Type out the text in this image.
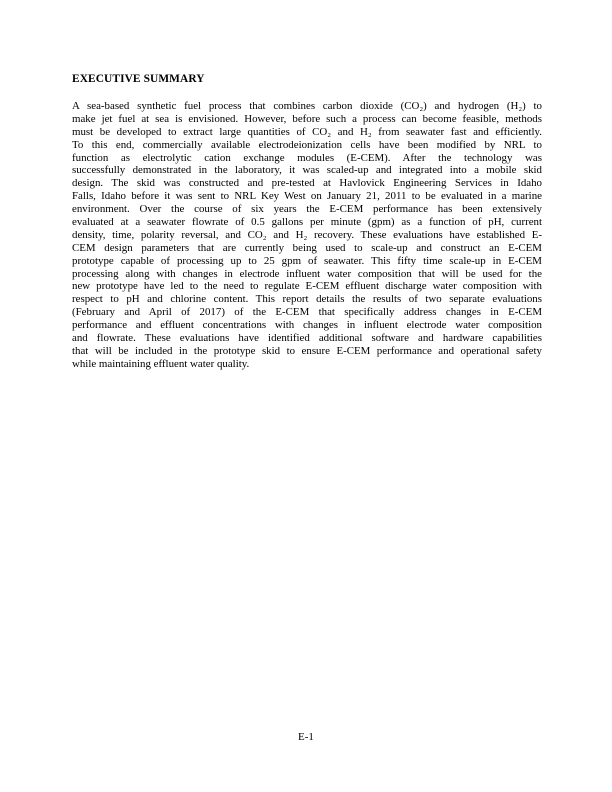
EXECUTIVE SUMMARY
A sea-based synthetic fuel process that combines carbon dioxide (CO₂) and hydrogen (H₂) to
make jet fuel at sea is envisioned. However, before such a process can become feasible, methods
must be developed to extract large quantities of CO₂ and H₂ from seawater fast and efficiently.
To this end, commercially available electrodeionization cells have been modified by NRL to
function as electrolytic cation exchange modules (E-CEM). After the technology was
successfully demonstrated in the laboratory, it was scaled-up and integrated into a mobile skid
design. The skid was constructed and pre-tested at Havlovick Engineering Services in Idaho
Falls, Idaho before it was sent to NRL Key West on January 21, 2011 to be evaluated in a marine
environment. Over the course of six years the E-CEM performance has been extensively
evaluated at a seawater flowrate of 0.5 gallons per minute (gpm) as a function of pH, current
density, time, polarity reversal, and CO₂ and H₂ recovery. These evaluations have established E-
CEM design parameters that are currently being used to scale-up and construct an E-CEM
prototype capable of processing up to 25 gpm of seawater. This fifty time scale-up in E-CEM
processing along with changes in electrode influent water composition that will be used for the
new prototype have led to the need to regulate E-CEM effluent discharge water composition with
respect to pH and chlorine content. This report details the results of two separate evaluations
(February and April of 2017) of the E-CEM that specifically address changes in E-CEM
performance and effluent concentrations with changes in influent electrode water composition
and flowrate. These evaluations have identified additional software and hardware capabilities
that will be included in the prototype skid to ensure E-CEM performance and operational safety
while maintaining effluent water quality.
E-1
